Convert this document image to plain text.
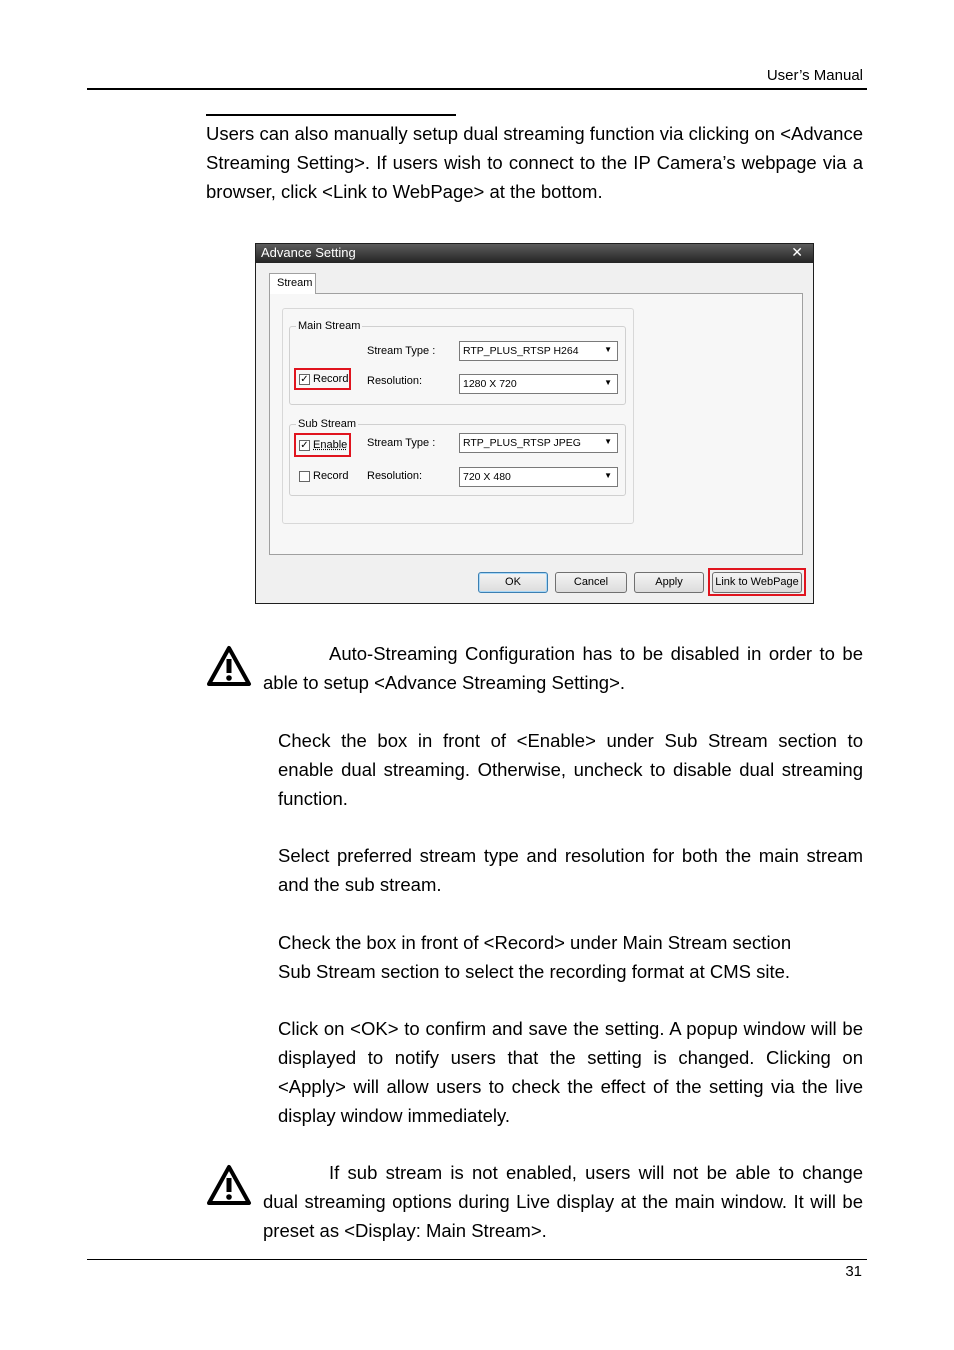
User’s Manual
Users can also manually setup dual streaming function via clicking on <Advance Streaming Setting>. If users wish to connect to the IP Camera’s webpage via a browser, click <Link to WebPage> at the bottom.
Advance Setting	✕
Stream
Main Stream
Stream Type :	RTP_PLUS_RTSP H264	▼
✓ Record Resolution:	1280 X 720	▼
Sub Stream
✓ Enable Stream Type :	RTP_PLUS_RTSP JPEG	▼
Record Resolution:	720 X 480	▼
OK	Cancel	Apply	Link to WebPage
Auto-Streaming Configuration has to be disabled in order to be able to setup <Advance Streaming Setting>.
Check the box in front of <Enable> under Sub Stream section to enable dual streaming. Otherwise, uncheck to disable dual streaming function.
Select preferred stream type and resolution for both the main stream and the sub stream.
Check the box in front of <Record> under Main Stream section
Sub Stream section to select the recording format at CMS site.
Click on <OK> to confirm and save the setting. A popup window will be displayed to notify users that the setting is changed. Clicking on <Apply> will allow users to check the effect of the setting via the live display window immediately.
If sub stream is not enabled, users will not be able to change dual streaming options during Live display at the main window. It will be preset as <Display: Main Stream>.
31
